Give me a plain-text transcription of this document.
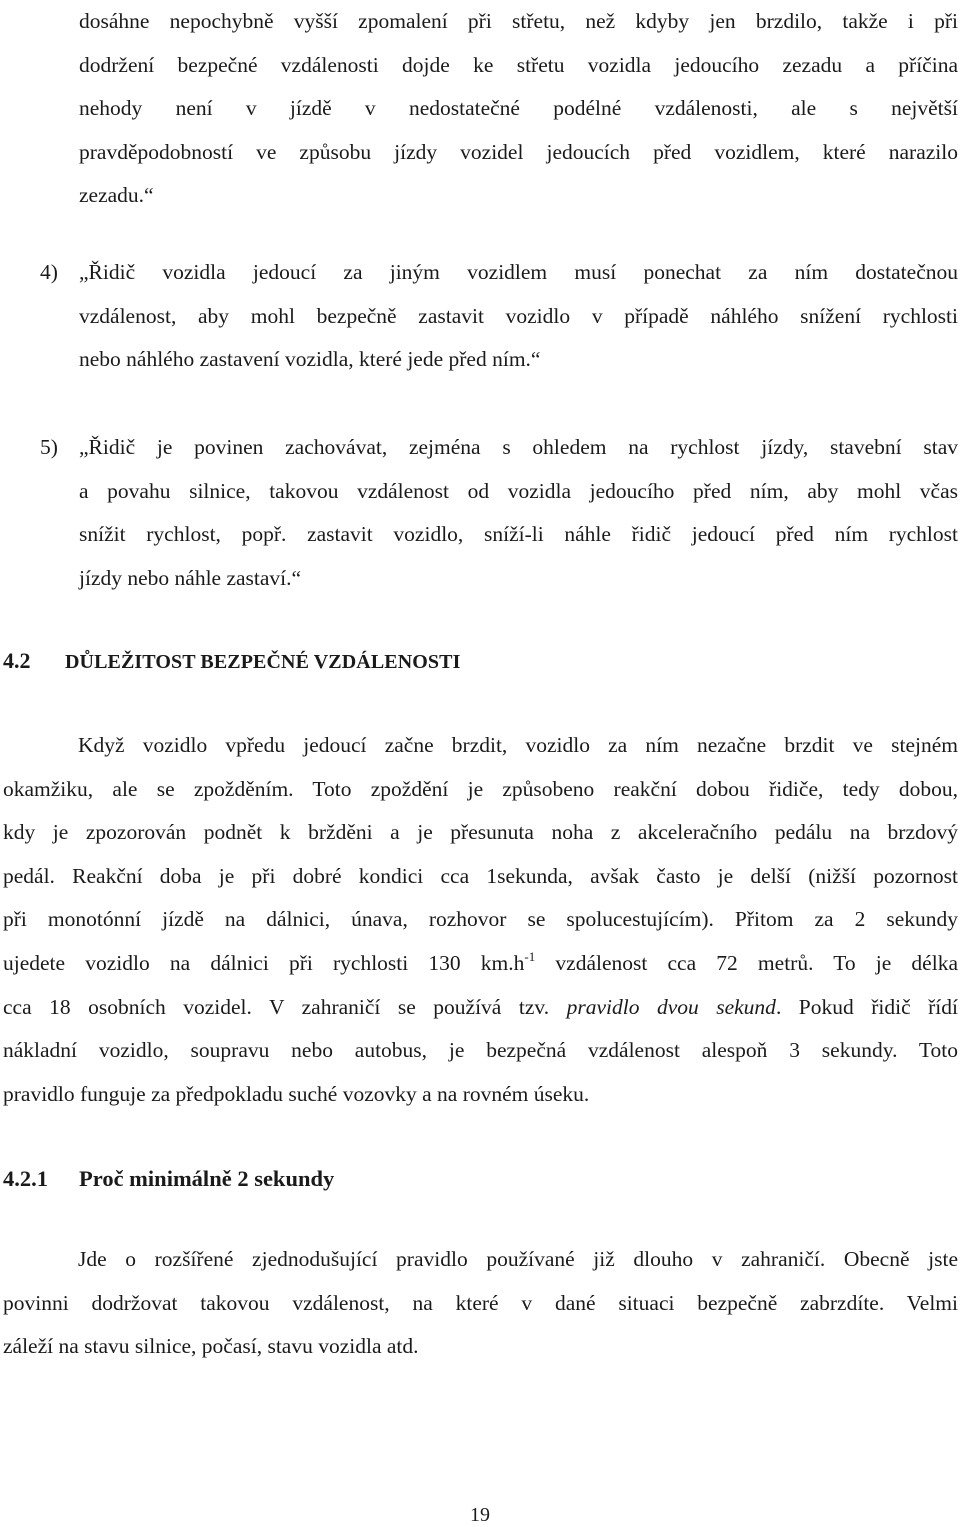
dosáhne nepochybně vyšší zpomalení při střetu, než kdyby jen brzdilo, takže i při
dodržení bezpečné vzdálenosti dojde ke střetu vozidla jedoucího zezadu a příčina
nehody není v jízdě v nedostatečné podélné vzdálenosti, ale s největší
pravděpodobností ve způsobu jízdy vozidel jedoucích před vozidlem, které narazilo
zezadu.“
4) „Řidič vozidla jedoucí za jiným vozidlem musí ponechat za ním dostatečnou
vzdálenost, aby mohl bezpečně zastavit vozidlo v případě náhlého snížení rychlosti
nebo náhlého zastavení vozidla, které jede před ním.“
5) „Řidič je povinen zachovávat, zejména s ohledem na rychlost jízdy, stavební stav
a povahu silnice, takovou vzdálenost od vozidla jedoucího před ním, aby mohl včas
snížit rychlost, popř. zastavit vozidlo, sníží-li náhle řidič jedoucí před ním rychlost
jízdy nebo náhle zastaví.“
4.2 DŮLEŽITOST BEZPEČNÉ VZDÁLENOSTI
Když vozidlo vpředu jedoucí začne brzdit, vozidlo za ním nezačne brzdit ve stejném
okamžiku, ale se zpožděním. Toto zpoždění je způsobeno reakční dobou řidiče, tedy dobou,
kdy je zpozorován podnět k bržděni a je přesunuta noha z akceleračního pedálu na brzdový
pedál. Reakční doba je při dobré kondici cca 1sekunda, avšak často je delší (nižší pozornost
při monotónní jízdě na dálnici, únava, rozhovor se spolucestujícím). Přitom za 2 sekundy
ujedete vozidlo na dálnici při rychlosti 130 $km.h^{-1}$ vzdálenost cca 72 metrů. To je délka
cca 18 osobních vozidel. V zahraničí se používá tzv. pravidlo dvou sekund. Pokud řidič řídí
nákladní vozidlo, soupravu nebo autobus, je bezpečná vzdálenost alespoň 3 sekundy. Toto
pravidlo funguje za předpokladu suché vozovky a na rovném úseku.
4.2.1 Proč minimálně 2 sekundy
Jde o rozšířené zjednodušující pravidlo používané již dlouho v zahraničí. Obecně jste
povinni dodržovat takovou vzdálenost, na které v dané situaci bezpečně zabrzdíte. Velmi
záleží na stavu silnice, počasí, stavu vozidla atd.
19
